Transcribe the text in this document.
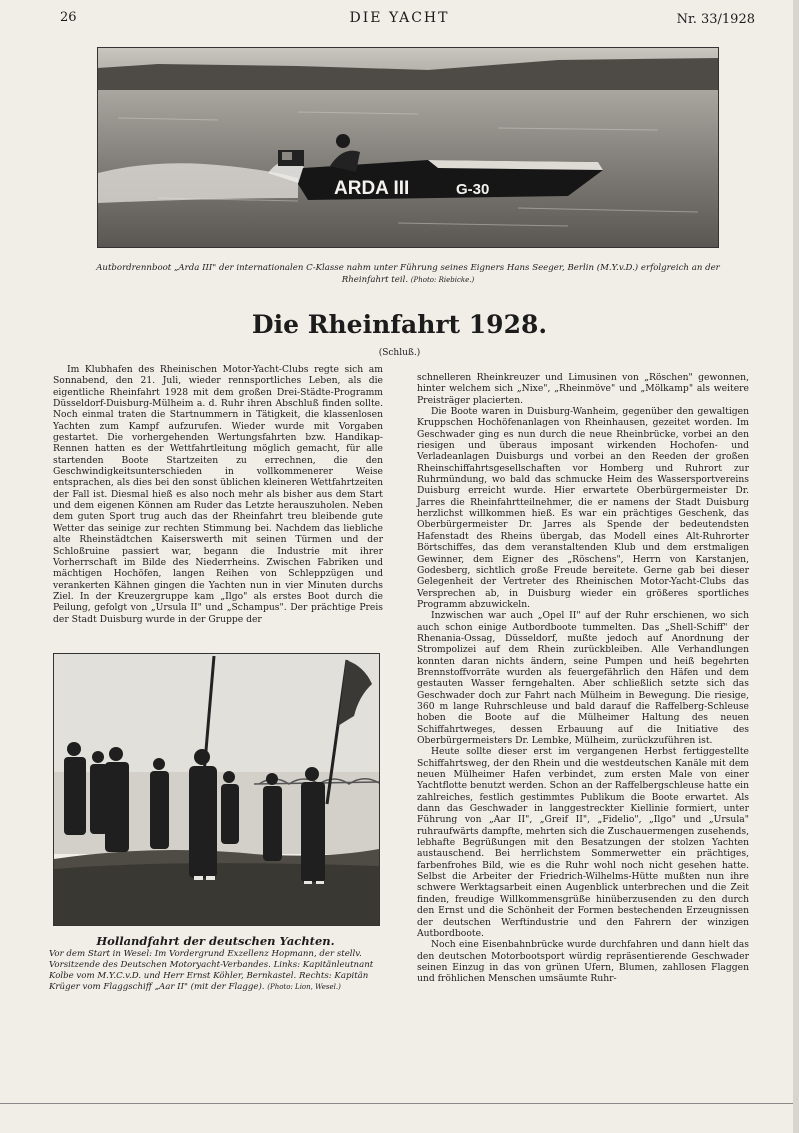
26	DIE YACHT	Nr. 33/1928
ARDA III	G-30
Autbordrennboot „Arda III" der internationalen C-Klasse nahm unter Führung seines Eigners Hans Seeger, Berlin (M.Y.v.D.) erfolgreich an der Rheinfahrt teil. (Photo: Riebicke.)
Die Rheinfahrt 1928.
(Schluß.)

Im Klubhafen des Rheinischen Motor-Yacht-Clubs regte sich am Sonnabend, den 21. Juli, wieder rennsportliches Leben, als die eigentliche Rheinfahrt 1928 mit dem großen Drei-Städte-Programm Düsseldorf-Duisburg-Mülheim a. d. Ruhr ihren Abschluß finden sollte. Noch einmal traten die Startnummern in Tätigkeit, die klassenlosen Yachten zum Kampf aufzurufen. Wieder wurde mit Vorgaben gestartet. Die vorhergehenden Wertungsfahrten bzw. Handikap-Rennen hatten es der Wettfahrtleitung möglich gemacht, für alle startenden Boote Startzeiten zu errechnen, die den Geschwindigkeitsunterschieden in vollkommenerer Weise entsprachen, als dies bei den sonst üblichen kleineren Wettfahrtzeiten der Fall ist. Diesmal hieß es also noch mehr als bisher aus dem Start und dem eigenen Können am Ruder das Letzte herauszuholen. Neben dem guten Sport trug auch das der Rheinfahrt treu bleibende gute Wetter das seinige zur rechten Stimmung bei. Nachdem das liebliche alte Rheinstädtchen Kaiserswerth mit seinen Türmen und der Schloßruine passiert war, begann die Industrie mit ihrer Vorherrschaft im Bilde des Niederrheins. Zwischen Fabriken und mächtigen Hochöfen, langen Reihen von Schleppzügen und verankerten Kähnen gingen die Yachten nun in vier Minuten durchs Ziel. In der Kreuzergruppe kam „Ilgo" als erstes Boot durch die Peilung, gefolgt von „Ursula II" und „Schampus". Der prächtige Preis der Stadt Duisburg wurde in der Gruppe der

schnelleren Rheinkreuzer und Limusinen von „Röschen" gewonnen, hinter welchem sich „Nixe", „Rheinmöve" und „Mölkamp" als weitere Preisträger placierten.

Die Boote waren in Duisburg-Wanheim, gegenüber den gewaltigen Kruppschen Hochöfenanlagen von Rheinhausen, gezeitet worden. Im Geschwader ging es nun durch die neue Rheinbrücke, vorbei an den riesigen und überaus imposant wirkenden Hochofen- und Verladeanlagen Duisburgs und vorbei an den Reeden der großen Rheinschiffahrtsgesellschaften vor Homberg und Ruhrort zur Ruhrmündung, wo bald das schmucke Heim des Wassersportvereins Duisburg erreicht wurde. Hier erwartete Oberbürgermeister Dr. Jarres die Rheinfahrtteilnehmer, die er namens der Stadt Duisburg herzlichst willkommen hieß. Es war ein prächtiges Geschenk, das Oberbürgermeister Dr. Jarres als Spende der bedeutendsten Hafenstadt des Rheins übergab, das Modell eines Alt-Ruhrorter Börtschiffes, das dem veranstaltenden Klub und dem erstmaligen Gewinner, dem Eigner des „Röschens", Herrn von Karstanjen, Godesberg, sichtlich große Freude bereitete. Gerne gab bei dieser Gelegenheit der Vertreter des Rheinischen Motor-Yacht-Clubs das Versprechen ab, in Duisburg wieder ein größeres sportliches Programm abzuwickeln.

Inzwischen war auch „Opel II" auf der Ruhr erschienen, wo sich auch schon einige Autbordboote tummelten. Das „Shell-Schiff" der Rhenania-Ossag, Düsseldorf, mußte jedoch auf Anordnung der Strompolizei auf dem Rhein zurückbleiben. Alle Verhandlungen konnten daran nichts ändern, seine Pumpen und heiß begehrten Brennstoffvorräte wurden als feuergefährlich den Häfen und dem gestauten Wasser ferngehalten. Aber schließlich setzte sich das Geschwader doch zur Fahrt nach Mülheim in Bewegung. Die riesige, 360 m lange Ruhrschleuse und bald darauf die Raffelberg-Schleuse hoben die Boote auf die Mülheimer Haltung des neuen Schiffahrtweges, dessen Erbauung auf die Initiative des Oberbürgermeisters Dr. Lembke, Mülheim, zurückzuführen ist.

Heute sollte dieser erst im vergangenen Herbst fertiggestellte Schiffahrtsweg, der den Rhein und die westdeutschen Kanäle mit dem neuen Mülheimer Hafen verbindet, zum ersten Male von einer Yachtflotte benutzt werden. Schon an der Raffelbergschleuse hatte ein zahlreiches, festlich gestimmtes Publikum die Boote erwartet. Als dann das Geschwader in langgestreckter Kiellinie formiert, unter Führung von „Aar II", „Greif II", „Fidelio", „Ilgo" und „Ursula" ruhraufwärts dampfte, mehrten sich die Zuschauermengen zusehends, lebhafte Begrüßungen mit den Besatzungen der stolzen Yachten austauschend. Bei herrlichstem Sommerwetter ein prächtiges, farbenfrohes Bild, wie es die Ruhr wohl noch nicht gesehen hatte. Selbst die Arbeiter der Friedrich-Wilhelms-Hütte mußten nun ihre schwere Werktagsarbeit einen Augenblick unterbrechen und die Zeit finden, freudige Willkommensgrüße hinüberzusenden zu den durch den Ernst und die Schönheit der Formen bestechenden Erzeugnissen der deutschen Werftindustrie und den Fahrern der winzigen Autbordboote.

Noch eine Eisenbahnbrücke wurde durchfahren und dann hielt das den deutschen Motorbootsport würdig repräsentierende Geschwader seinen Einzug in das von grünen Ufern, Blumen, zahllosen Flaggen und fröhlichen Menschen umsäumte Ruhr-

Hollandfahrt der deutschen Yachten.
Vor dem Start in Wesel: Im Vordergrund Exzellenz Hopmann, der stellv. Vorsitzende des Deutschen Motoryacht-Verbandes. Links: Kapitänleutnant Kolbe vom M.Y.C.v.D. und Herr Ernst Köhler, Bernkastel. Rechts: Kapitän Krüger vom Flaggschiff „Aar II" (mit der Flagge). (Photo: Lion, Wesel.)
